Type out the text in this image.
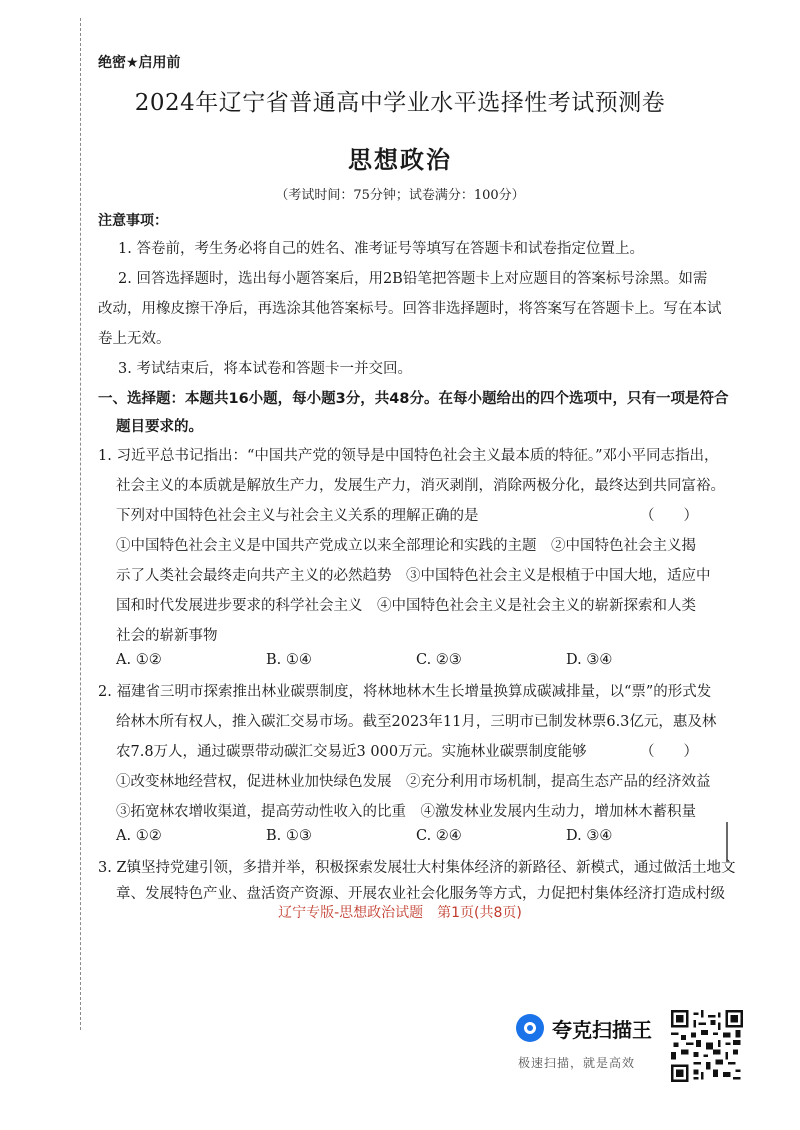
绝密★启用前
2024年辽宁省普通高中学业水平选择性考试预测卷
思想政治
（考试时间：75分钟；试卷满分：100分）
注意事项：
1. 答卷前，考生务必将自己的姓名、准考证号等填写在答题卡和试卷指定位置上。
2. 回答选择题时，选出每小题答案后，用2B铅笔把答题卡上对应题目的答案标号涂黑。如需
改动，用橡皮擦干净后，再选涂其他答案标号。回答非选择题时，将答案写在答题卡上。写在本试
卷上无效。
3. 考试结束后，将本试卷和答题卡一并交回。
一、选择题：本题共16小题，每小题3分，共48分。在每小题给出的四个选项中，只有一项是符合
题目要求的。
1. 习近平总书记指出：“中国共产党的领导是中国特色社会主义最本质的特征。”邓小平同志指出，
社会主义的本质就是解放生产力，发展生产力，消灭剥削，消除两极分化，最终达到共同富裕。
下列对中国特色社会主义与社会主义关系的理解正确的是	（　　）
①中国特色社会主义是中国共产党成立以来全部理论和实践的主题　②中国特色社会主义揭
示了人类社会最终走向共产主义的必然趋势　③中国特色社会主义是根植于中国大地，适应中
国和时代发展进步要求的科学社会主义　④中国特色社会主义是社会主义的崭新探索和人类
社会的崭新事物
A. ①②	B. ①④	C. ②③	D. ③④
2. 福建省三明市探索推出林业碳票制度，将林地林木生长增量换算成碳减排量，以“票”的形式发
给林木所有权人，推入碳汇交易市场。截至2023年11月，三明市已制发林票6.3亿元，惠及林
农7.8万人，通过碳票带动碳汇交易近3 000万元。实施林业碳票制度能够	（　　）
①改变林地经营权，促进林业加快绿色发展　②充分利用市场机制，提高生态产品的经济效益
③拓宽林农增收渠道，提高劳动性收入的比重　④激发林业发展内生动力，增加林木蓄积量
A. ①②	B. ①③	C. ②④	D. ③④
3. Z镇坚持党建引领，多措并举，积极探索发展壮大村集体经济的新路径、新模式，通过做活土地文
章、发展特色产业、盘活资产资源、开展农业社会化服务等方式，力促把村集体经济打造成村级
辽宁专版-思想政治试题　第1页(共8页)
夸克扫描王
极速扫描，就是高效
